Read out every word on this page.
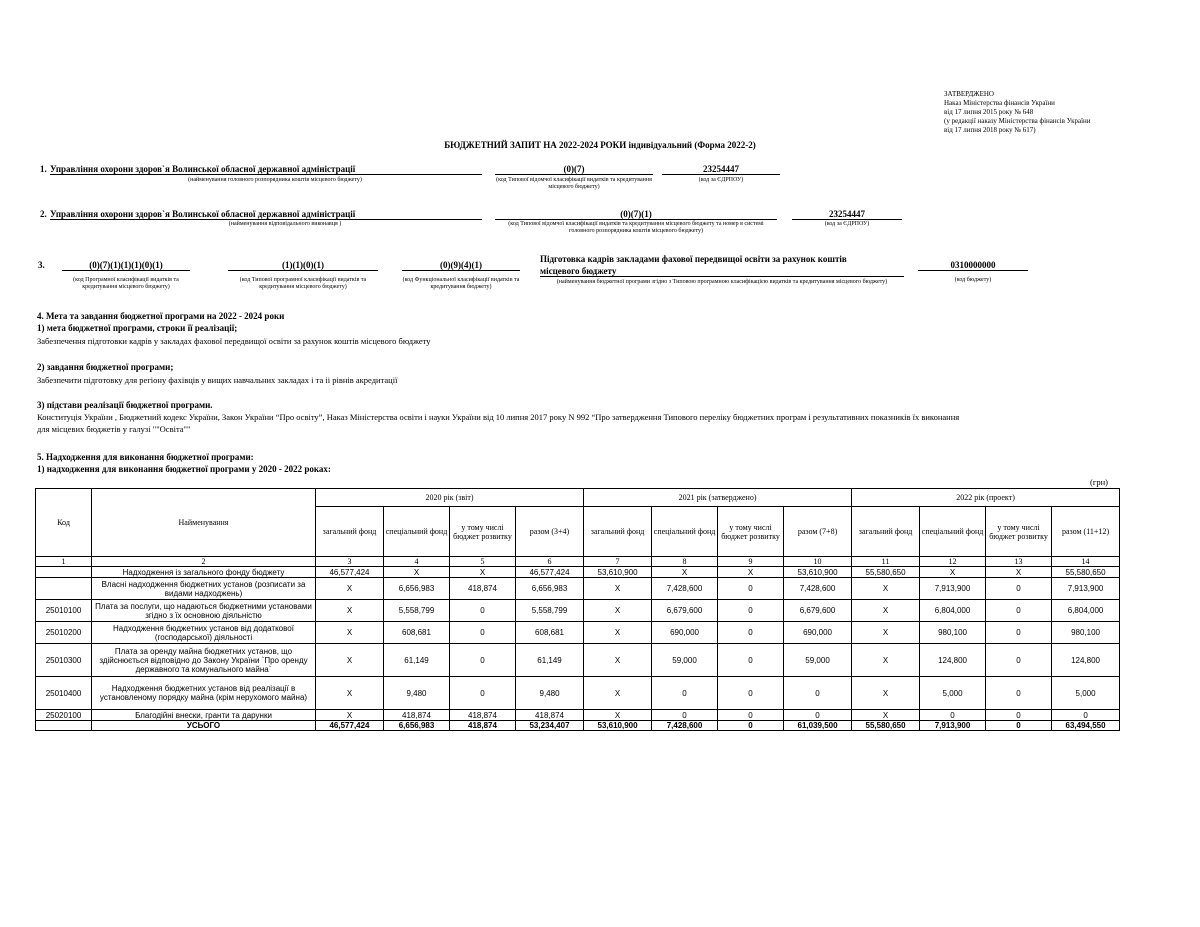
ЗАТВЕРДЖЕНО
Наказ Міністерства фінансів України
від 17 липня 2015 року № 648
(у редакції наказу Міністерства фінансів України
від 17 липня 2018 року № 617)
БЮДЖЕТНИЙ ЗАПИТ НА 2022-2024 РОКИ індивідуальний (Форма 2022-2)
1. Управління охорони здоров`я Волинської обласної державної адміністрації
(найменування головного розпорядника коштів місцевого бюджету)
(0)(7)
(код Типової відомчої класифікації видатків та кредитування місцевого бюджету)
23254447
(код за ЄДРПОУ)
2. Управління охорони здоров`я Волинської обласної державної адміністрації
(найменування відповідального виконавця )
(0)(7)(1)
(код Типової відомчої класифікації видатків та кредитування місцевого бюджету та номер в системі головного розпорядника коштів місцевого бюджету)
23254447
(код за ЄДРПОУ)
3.	(0)(7)(1)(1)(1)(0)(1)
(код Програмної класифікації видатків та кредитування місцевого бюджету)
(1)(1)(0)(1)
(код Типової програмної класифікації видатків та кредитування місцевого бюджету)
(0)(9)(4)(1)
(код Функціональної класифікації видатків та кредитування бюджету)
Підготовка кадрів закладами фахової передвищої освіти за рахунок коштів
місцевого бюджету
(найменування бюджетної програми згідно з Типовою програмною класифікацією видатків та кредитування місцевого бюджету)
0310000000
(код бюджету)
4. Мета та завдання бюджетної програми на 2022 - 2024 роки
1) мета бюджетної програми, строки її реалізації;
Забезпечення підготовки кадрів у закладах фахової передвищої освіти за рахунок коштів місцевого бюджету
2) завдання бюджетної програми;
Забезпечити підготовку для регіону фахівців у вищих навчальних закладах і та іі рівнів акредитації
3) підстави реалізації бюджетної програми.
Конституція України , Бюджетний кодекс України, Закон України “Про освіту”, Наказ Міністерства освіти і науки України від 10 липня 2017 року N 992 “Про затвердження Типового переліку бюджетних програм і результативних показників їх виконання
для місцевих бюджетів у галузі ""Освіта""
5. Надходження для виконання бюджетної програми:
1) надходження для виконання бюджетної програми у 2020 - 2022 роках:
(грн)
Код	Найменування	2020 рік (звіт)				2021 рік (затверджено)				2022 рік (проект)			
		загальний фонд	спеціальний фонд	у тому числі бюджет розвитку	разом (3+4)	загальний фонд	спеціальний фонд	у тому числі бюджет розвитку	разом (7+8)	загальний фонд	спеціальний фонд	у тому числі бюджет розвитку	разом (11+12)
1	2	3	4	5	6	7	8	9	10	11	12	13	14
	Надходження із загального фонду бюджету	46,577,424	X	X	46,577,424	53,610,900	X	X	53,610,900	55,580,650	X	X	55,580,650
	Власні надходження бюджетних установ (розписати за видами надходжень)	X	6,656,983	418,874	6,656,983	X	7,428,600	0	7,428,600	X	7,913,900	0	7,913,900
25010100	Плата за послуги, що надаються бюджетними установами згідно з їх основною діяльністю	X	5,558,799	0	5,558,799	X	6,679,600	0	6,679,600	X	6,804,000	0	6,804,000
25010200	Надходження бюджетних установ від додаткової (господарської) діяльності	X	608,681	0	608,681	X	690,000	0	690,000	X	980,100	0	980,100
25010300	Плата за оренду майна бюджетних установ, що здійснюється відповідно до Закону України `Про оренду державного та комунального майна`	X	61,149	0	61,149	X	59,000	0	59,000	X	124,800	0	124,800
25010400	Надходження бюджетних установ від реалізації в установленому порядку майна (крім нерухомого майна)	X	9,480	0	9,480	X	0	0	0	X	5,000	0	5,000
25020100	Благодійні внески, гранти та дарунки	X	418,874	418,874	418,874	X	0	0	0	X	0	0	0
	УСЬОГО	46,577,424	6,656,983	418,874	53,234,407	53,610,900	7,428,600	0	61,039,500	55,580,650	7,913,900	0	63,494,550
